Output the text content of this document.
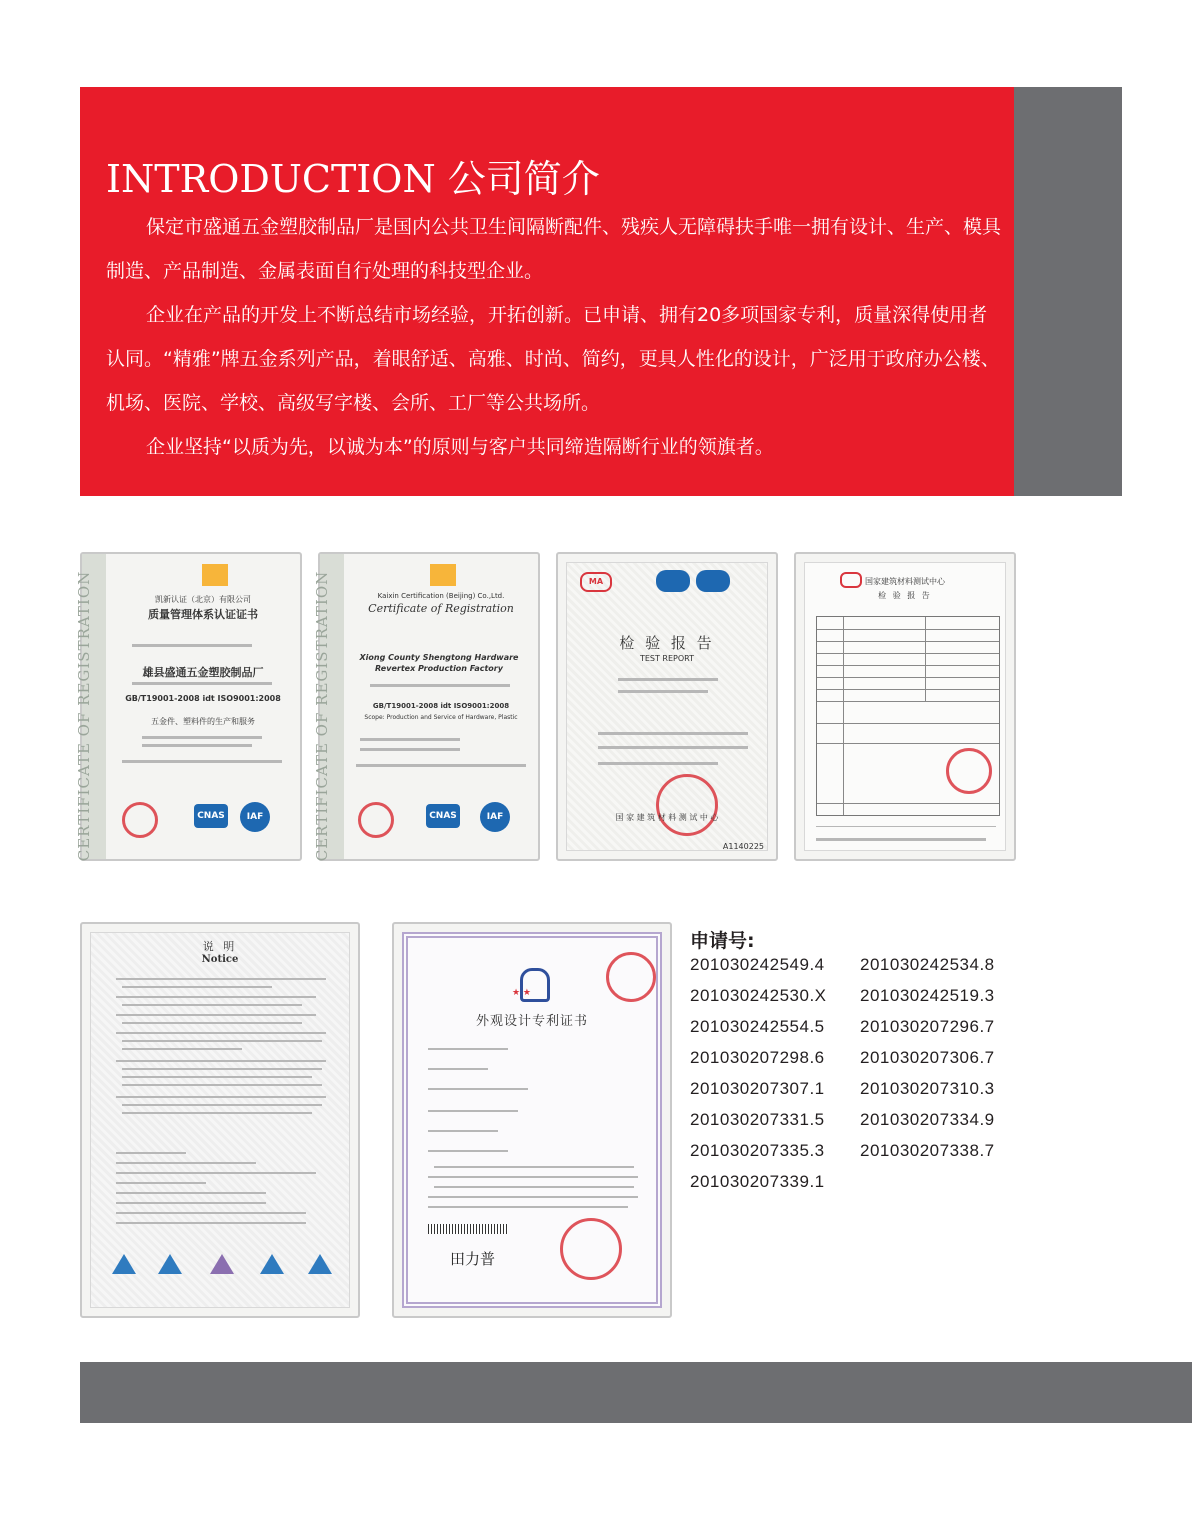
INTRODUCTION 公司简介

保定市盛通五金塑胶制品厂是国内公共卫生间隔断配件、残疾人无障碍扶手唯一拥有设计、生产、模具制造、产品制造、金属表面自行处理的科技型企业。

企业在产品的开发上不断总结市场经验，开拓创新。已申请、拥有20多项国家专利，质量深得使用者认同。“精雅”牌五金系列产品，着眼舒适、高雅、时尚、简约，更具人性化的设计，广泛用于政府办公楼、机场、医院、学校、高级写字楼、会所、工厂等公共场所。

企业坚持“以质为先，以诚为本”的原则与客户共同缔造隔断行业的领旗者。

CERTIFICATE OF REGISTRATION	凯新认证（北京）有限公司
质量管理体系认证证书
雄县盛通五金塑胶制品厂
GB/T19001-2008 idt ISO9001:2008
五金件、塑料件的生产和服务
CNAS	IAF	CERTIFICATE OF REGISTRATION	Kaixin Certification (Beijing) Co.,Ltd.
Certificate of Registration
Xiong County Shengtong Hardware Revertex Production Factory
GB/T19001-2008 idt ISO9001:2008
Scope: Production and Service of Hardware, Plastic
CNAS	IAF
MA
检 验 报 告
TEST REPORT
国 家 建 筑 材 料 测 试 中 心
A1140225
国家建筑材料测试中心
检 验 报 告
说 明
Notice
★ ★
外观设计专利证书
田力普
申请号:
201030242549.4 201030242534.8
201030242530.X 201030242519.3
201030242554.5 201030207296.7
201030207298.6 201030207306.7
201030207307.1 201030207310.3
201030207331.5 201030207334.9
201030207335.3 201030207338.7
201030207339.1
